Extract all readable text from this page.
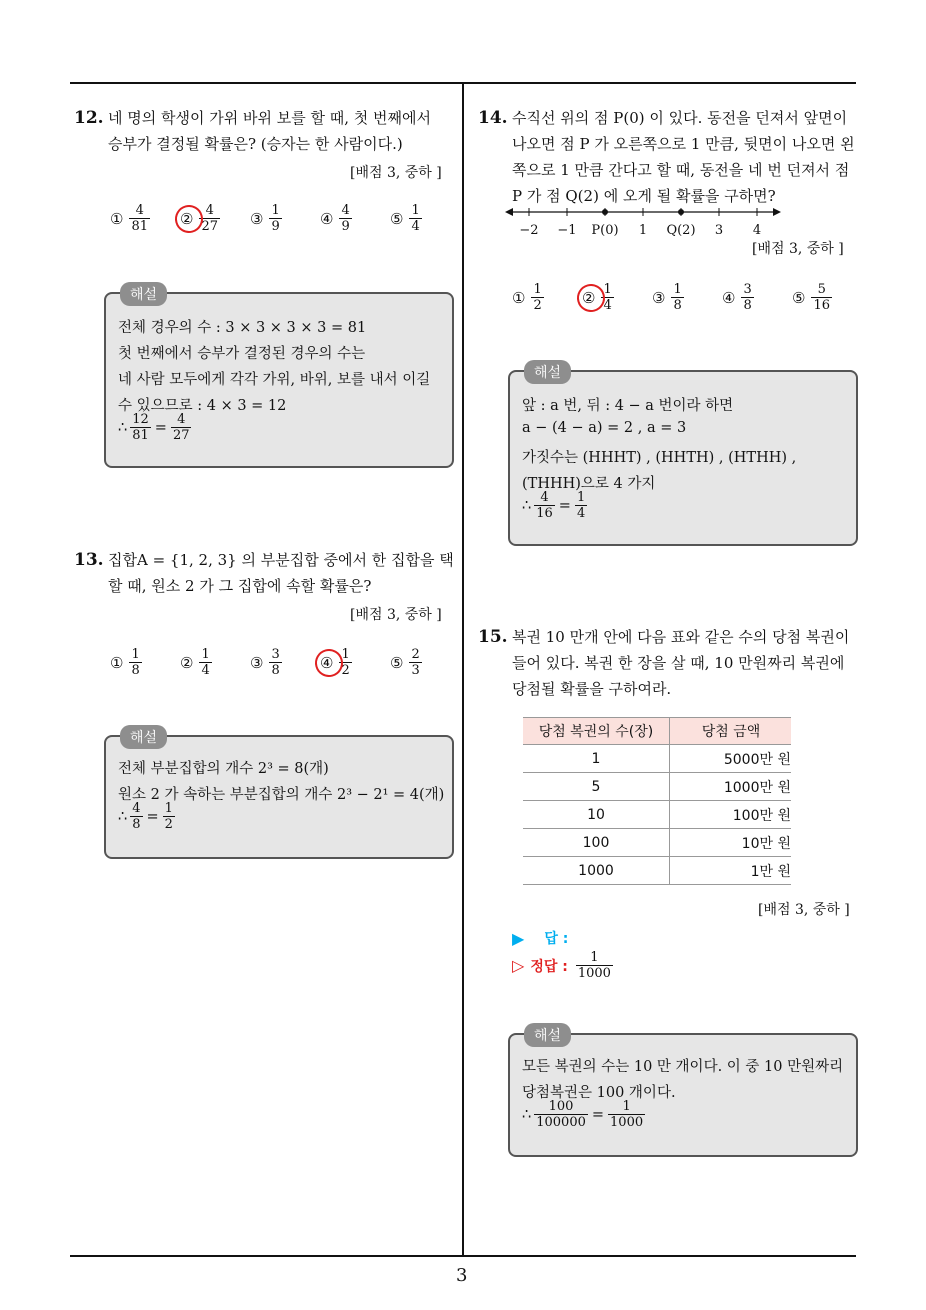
3
12. 네 명의 학생이 가위 바위 보를 할 때, 첫 번째에서
승부가 결정될 확률은? (승자는 한 사람이다.)
[배점 3, 중하 ]
① $\frac{4}{81}$ ② $\frac{4}{27}$ ③ $\frac{1}{9}$	④ $\frac{4}{9}$	⑤ $\frac{1}{4}$
해설
전체 경우의 수 : 3 × 3 × 3 × 3 = 81
첫 번째에서 승부가 결정된 경우의 수는
네 사람 모두에게 각각 가위, 바위, 보를 내서 이길
수 있으므로 : 4 × 3 = 12
∴ $\frac{12}{81} = \frac{4}{27}$
13. 집합A = {1, 2, 3} 의 부분집합 중에서 한 집합을 택
할 때, 원소 2 가 그 집합에 속할 확률은?
[배점 3, 중하 ]
① $\frac{1}{8}$	② $\frac{1}{4}$	③ $\frac{3}{8}$	④ $\frac{1}{2}$	⑤ $\frac{2}{3}$
해설
전체 부분집합의 개수 2³ = 8(개)
원소 2 가 속하는 부분집합의 개수 2³ − 2¹ = 4(개)
∴ $\frac{4}{8} = \frac{1}{2}$
14. 수직선 위의 점 P(0) 이 있다. 동전을 던져서 앞면이
나오면 점 P 가 오른쪽으로 1 만큼, 뒷면이 나오면 왼
쪽으로 1 만큼 간다고 할 때, 동전을 네 번 던져서 점
P 가 점 Q(2) 에 오게 될 확률을 구하면?
−2 −1 P(0) 1 Q(2) 3 4
[배점 3, 중하 ]
① $\frac{1}{2}$	② $\frac{1}{4}$	③ $\frac{1}{8}$	④ $\frac{3}{8}$	⑤ $\frac{5}{16}$
해설
앞 : a 번, 뒤 : 4 − a 번이라 하면
a − (4 − a) = 2 , a = 3
가짓수는 (HHHT) , (HHTH) , (HTHH) ,
(THHH)으로 4 가지
∴ $\frac{4}{16} = \frac{1}{4}$
15. 복권 10 만개 안에 다음 표와 같은 수의 당첨 복권이
들어 있다. 복권 한 장을 살 때, 10 만원짜리 복권에
당첨될 확률을 구하여라.
당첨 복권의 수(장)	당첨 금액
1	5000만 원
5	1000만 원
10	100만 원
100	10만 원
1000	1만 원
[배점 3, 중하 ]
▶ 답 :
▷ 정답 : $\frac{1}{1000}$
해설
모든 복권의 수는 10 만 개이다. 이 중 10 만원짜리
당첨복권은 100 개이다.
∴ $\frac{100}{100000} = \frac{1}{1000}$
